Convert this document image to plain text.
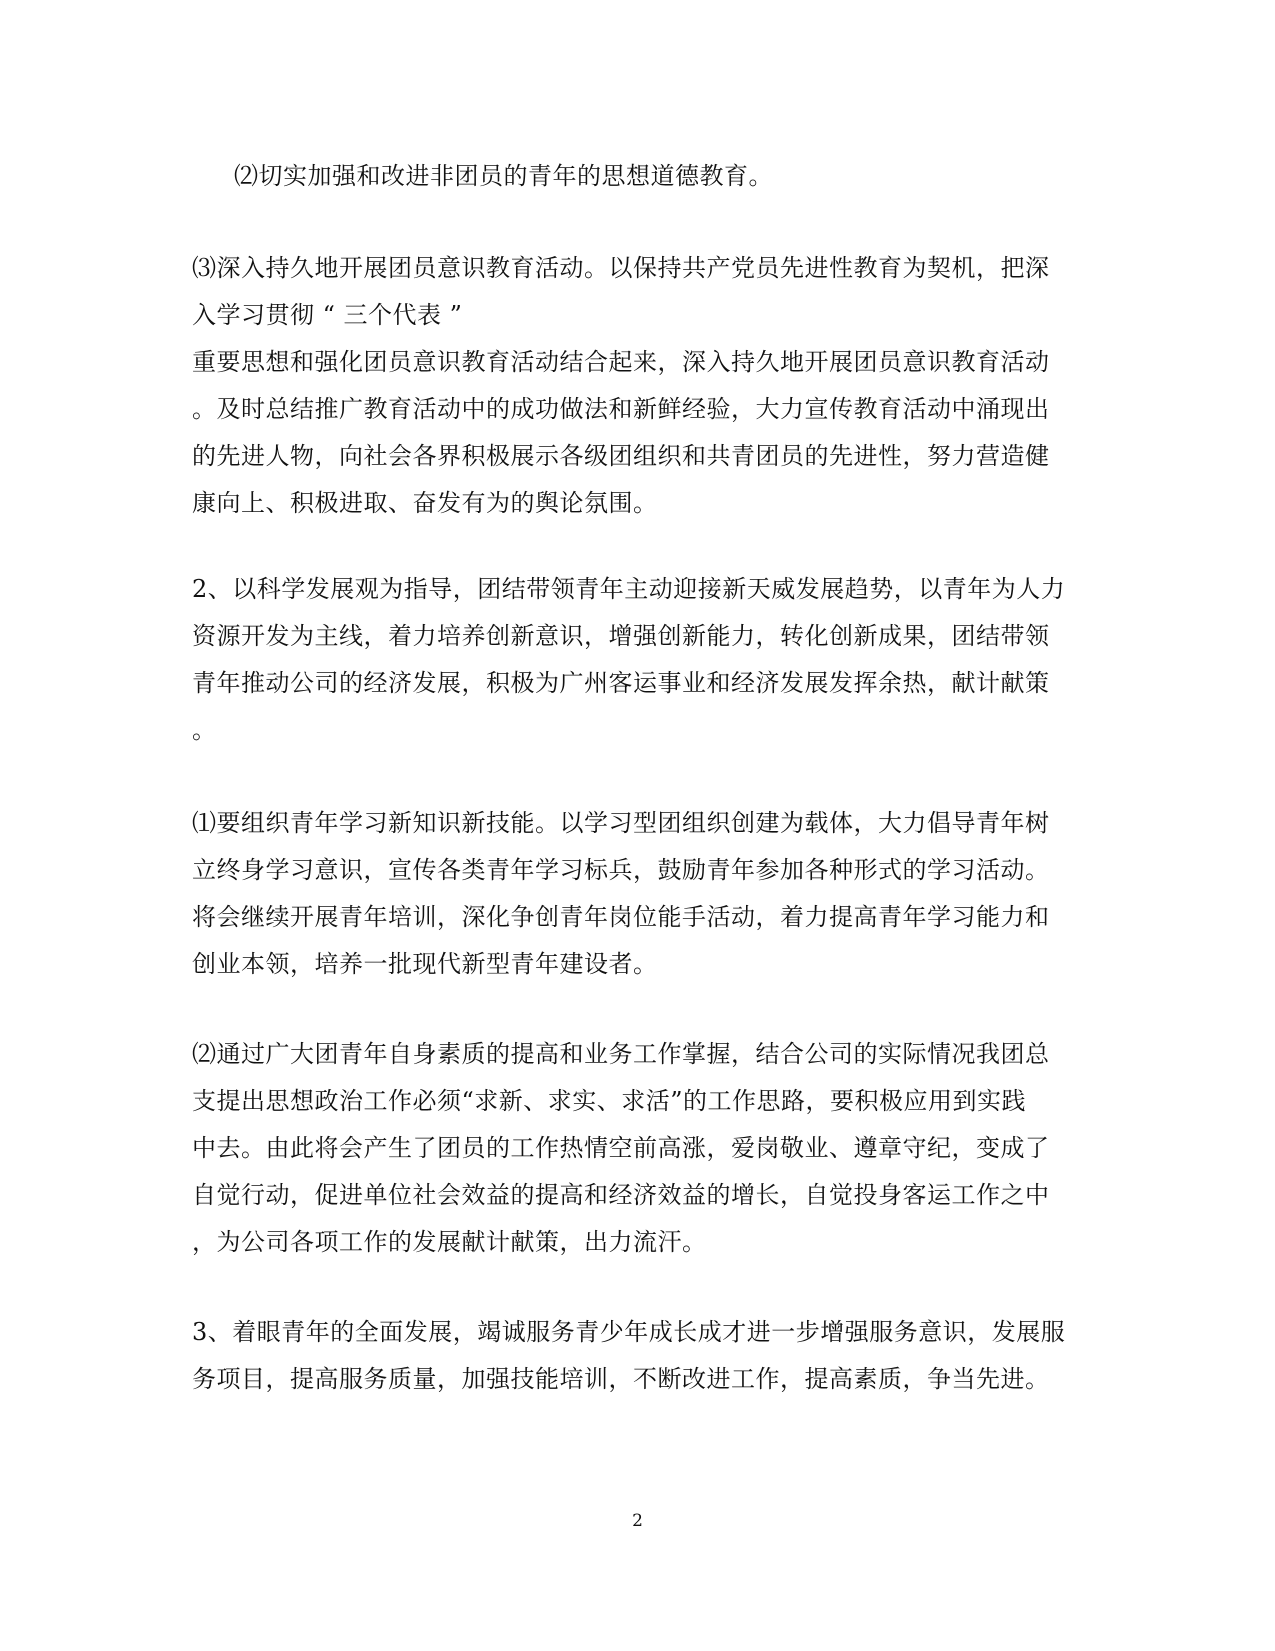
⑵切实加强和改进非团员的青年的思想道德教育。
⑶深入持久地开展团员意识教育活动。以保持共产党员先进性教育为契机，把深
入学习贯彻 “ 三个代表 ”
重要思想和强化团员意识教育活动结合起来，深入持久地开展团员意识教育活动
。及时总结推广教育活动中的成功做法和新鲜经验，大力宣传教育活动中涌现出
的先进人物，向社会各界积极展示各级团组织和共青团员的先进性，努力营造健
康向上、积极进取、奋发有为的舆论氛围。
2、以科学发展观为指导，团结带领青年主动迎接新天威发展趋势，以青年为人力
资源开发为主线，着力培养创新意识，增强创新能力，转化创新成果，团结带领
青年推动公司的经济发展，积极为广州客运事业和经济发展发挥余热，献计献策
。
⑴要组织青年学习新知识新技能。以学习型团组织创建为载体，大力倡导青年树
立终身学习意识，宣传各类青年学习标兵，鼓励青年参加各种形式的学习活动。
将会继续开展青年培训，深化争创青年岗位能手活动，着力提高青年学习能力和
创业本领，培养一批现代新型青年建设者。
⑵通过广大团青年自身素质的提高和业务工作掌握，结合公司的实际情况我团总
支提出思想政治工作必须“求新、求实、求活”的工作思路，要积极应用到实践
中去。由此将会产生了团员的工作热情空前高涨，爱岗敬业、遵章守纪，变成了
自觉行动，促进单位社会效益的提高和经济效益的增长，自觉投身客运工作之中
，为公司各项工作的发展献计献策，出力流汗。
3、着眼青年的全面发展，竭诚服务青少年成长成才进一步增强服务意识，发展服
务项目，提高服务质量，加强技能培训，不断改进工作，提高素质，争当先进。
2
